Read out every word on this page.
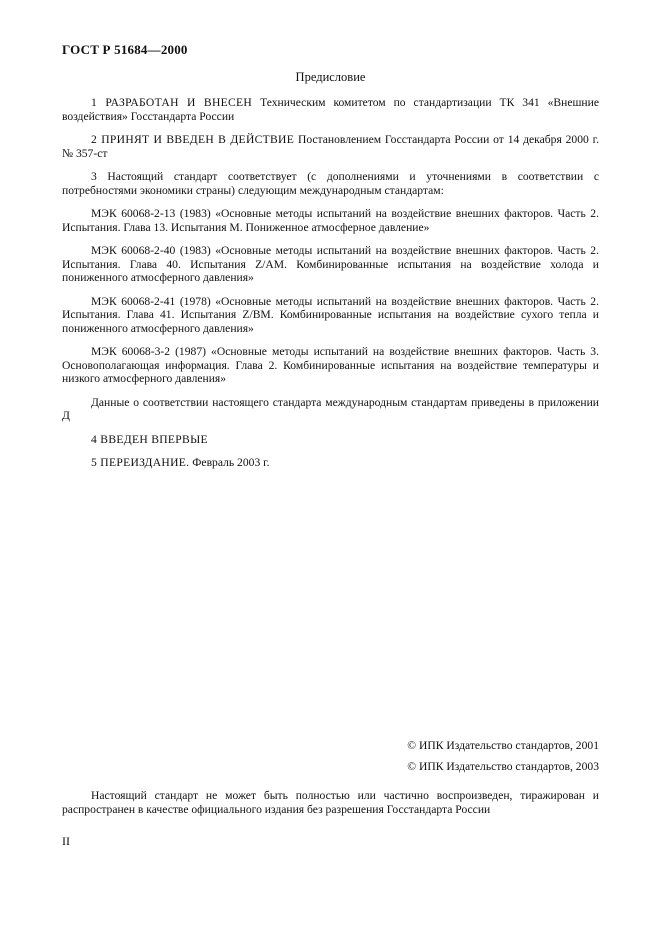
ГОСТ Р 51684—2000
Предисловие

1 РАЗРАБОТАН И ВНЕСЕН Техническим комитетом по стандартизации ТК 341 «Внешние воздействия» Госстандарта России

2 ПРИНЯТ И ВВЕДЕН В ДЕЙСТВИЕ Постановлением Госстандарта России от 14 декабря 2000 г. № 357-ст

3 Настоящий стандарт соответствует (с дополнениями и уточнениями в соответствии с потребностями экономики страны) следующим международным стандартам:

МЭК 60068-2-13 (1983) «Основные методы испытаний на воздействие внешних факторов. Часть 2. Испытания. Глава 13. Испытания М. Пониженное атмосферное давление»

МЭК 60068-2-40 (1983) «Основные методы испытаний на воздействие внешних факторов. Часть 2. Испытания. Глава 40. Испытания Z/AM. Комбинированные испытания на воздействие холода и пониженного атмосферного давления»

МЭК 60068-2-41 (1978) «Основные методы испытаний на воздействие внешних факторов. Часть 2. Испытания. Глава 41. Испытания Z/BM. Комбинированные испытания на воздействие сухого тепла и пониженного атмосферного давления»

МЭК 60068-3-2 (1987) «Основные методы испытаний на воздействие внешних факторов. Часть 3. Основополагающая информация. Глава 2. Комбинированные испытания на воздействие температуры и низкого атмосферного давления»

Данные о соответствии настоящего стандарта международным стандартам приведены в приложении Д

4 ВВЕДЕН ВПЕРВЫЕ

5 ПЕРЕИЗДАНИЕ. Февраль 2003 г.

© ИПК Издательство стандартов, 2001
© ИПК Издательство стандартов, 2003
Настоящий стандарт не может быть полностью или частично воспроизведен, тиражирован и распространен в качестве официального издания без разрешения Госстандарта России
II
